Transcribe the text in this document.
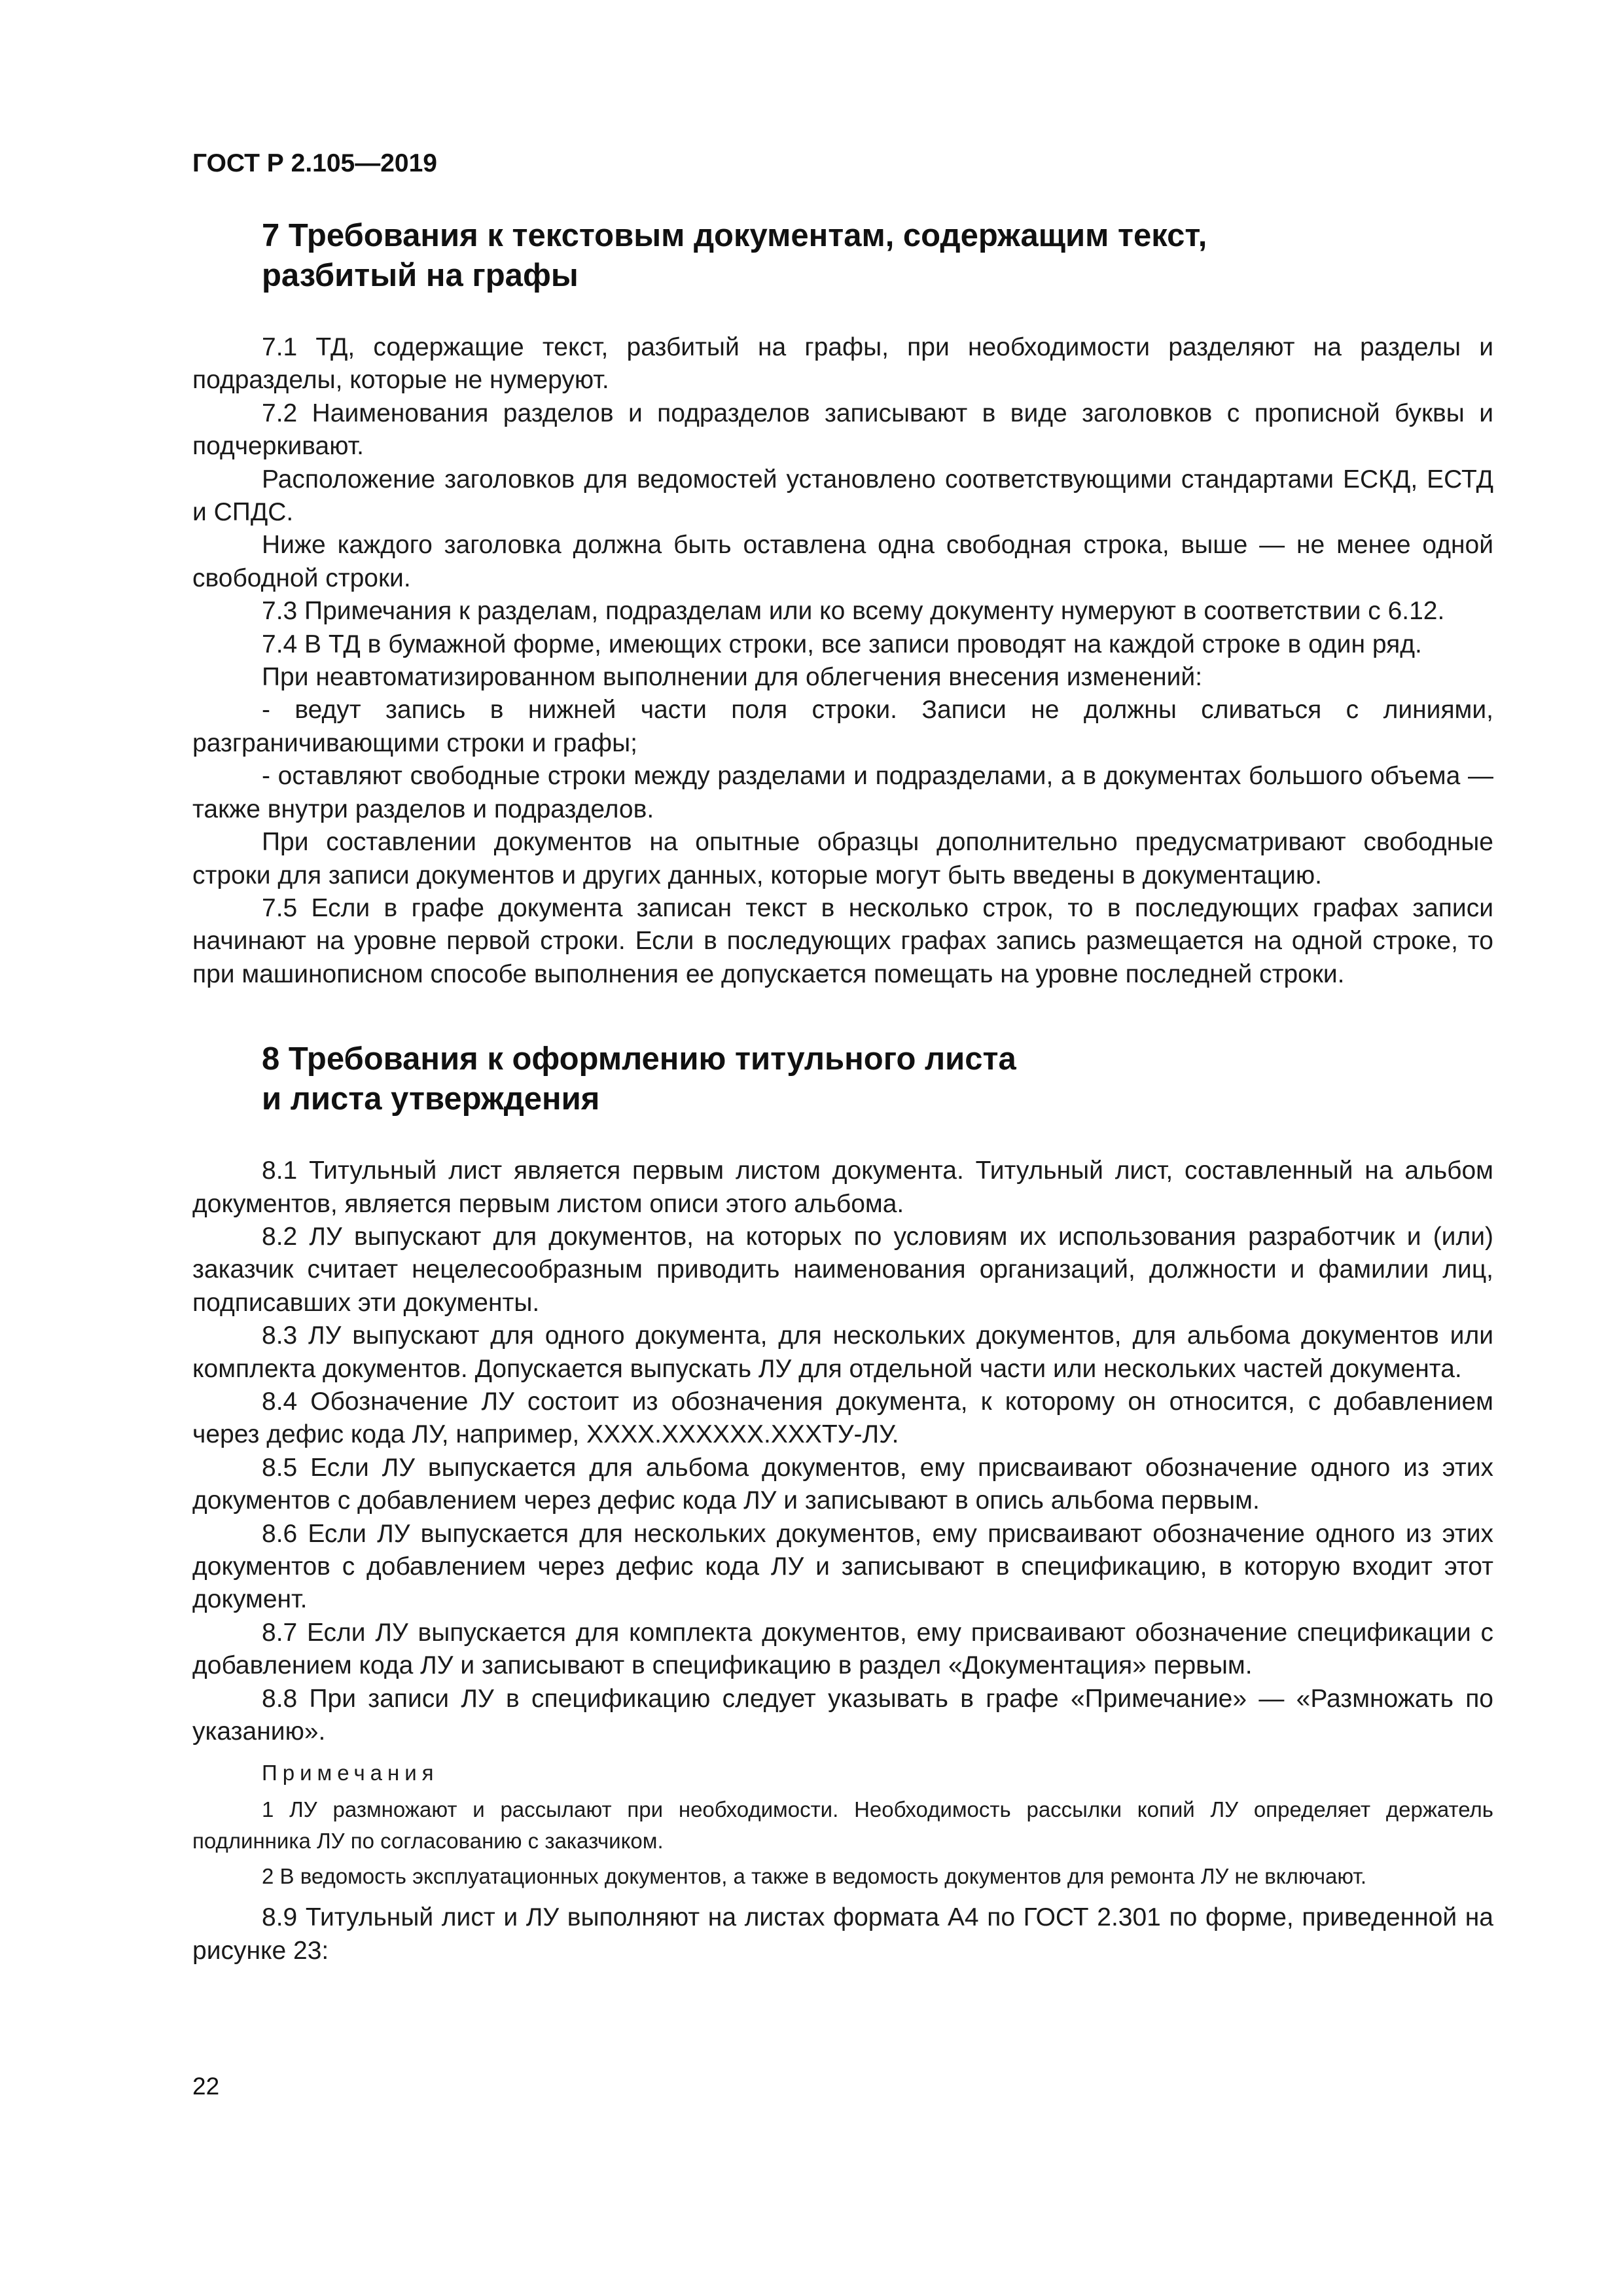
ГОСТ Р 2.105—2019
7 Требования к текстовым документам, содержащим текст,
разбитый на графы

7.1 ТД, содержащие текст, разбитый на графы, при необходимости разделяют на разделы и подразделы, которые не нумеруют.

7.2 Наименования разделов и подразделов записывают в виде заголовков с прописной буквы и подчеркивают.

Расположение заголовков для ведомостей установлено соответствующими стандартами ЕСКД, ЕСТД и СПДС.

Ниже каждого заголовка должна быть оставлена одна свободная строка, выше — не менее одной свободной строки.

7.3 Примечания к разделам, подразделам или ко всему документу нумеруют в соответствии с 6.12.

7.4 В ТД в бумажной форме, имеющих строки, все записи проводят на каждой строке в один ряд.

При неавтоматизированном выполнении для облегчения внесения изменений:

- ведут запись в нижней части поля строки. Записи не должны сливаться с линиями, разграничивающими строки и графы;

- оставляют свободные строки между разделами и подразделами, а в документах большого объема — также внутри разделов и подразделов.

При составлении документов на опытные образцы дополнительно предусматривают свободные строки для записи документов и других данных, которые могут быть введены в документацию.

7.5 Если в графе документа записан текст в несколько строк, то в последующих графах записи начинают на уровне первой строки. Если в последующих графах запись размещается на одной строке, то при машинописном способе выполнения ее допускается помещать на уровне последней строки.

8 Требования к оформлению титульного листа
и листа утверждения

8.1 Титульный лист является первым листом документа. Титульный лист, составленный на альбом документов, является первым листом описи этого альбома.

8.2 ЛУ выпускают для документов, на которых по условиям их использования разработчик и (или) заказчик считает нецелесообразным приводить наименования организаций, должности и фамилии лиц, подписавших эти документы.

8.3 ЛУ выпускают для одного документа, для нескольких документов, для альбома документов или комплекта документов. Допускается выпускать ЛУ для отдельной части или нескольких частей документа.

8.4 Обозначение ЛУ состоит из обозначения документа, к которому он относится, с добавлением через дефис кода ЛУ, например, XXXX.XXXXXX.XXXТУ-ЛУ.

8.5 Если ЛУ выпускается для альбома документов, ему присваивают обозначение одного из этих документов с добавлением через дефис кода ЛУ и записывают в опись альбома первым.

8.6 Если ЛУ выпускается для нескольких документов, ему присваивают обозначение одного из этих документов с добавлением через дефис кода ЛУ и записывают в спецификацию, в которую входит этот документ.

8.7 Если ЛУ выпускается для комплекта документов, ему присваивают обозначение спецификации с добавлением кода ЛУ и записывают в спецификацию в раздел «Документация» первым.

8.8 При записи ЛУ в спецификацию следует указывать в графе «Примечание» — «Размножать по указанию».

Примечания

1 ЛУ размножают и рассылают при необходимости. Необходимость рассылки копий ЛУ определяет держатель подлинника ЛУ по согласованию с заказчиком.

2 В ведомость эксплуатационных документов, а также в ведомость документов для ремонта ЛУ не включают.

8.9 Титульный лист и ЛУ выполняют на листах формата А4 по ГОСТ 2.301 по форме, приведенной на рисунке 23:

22
